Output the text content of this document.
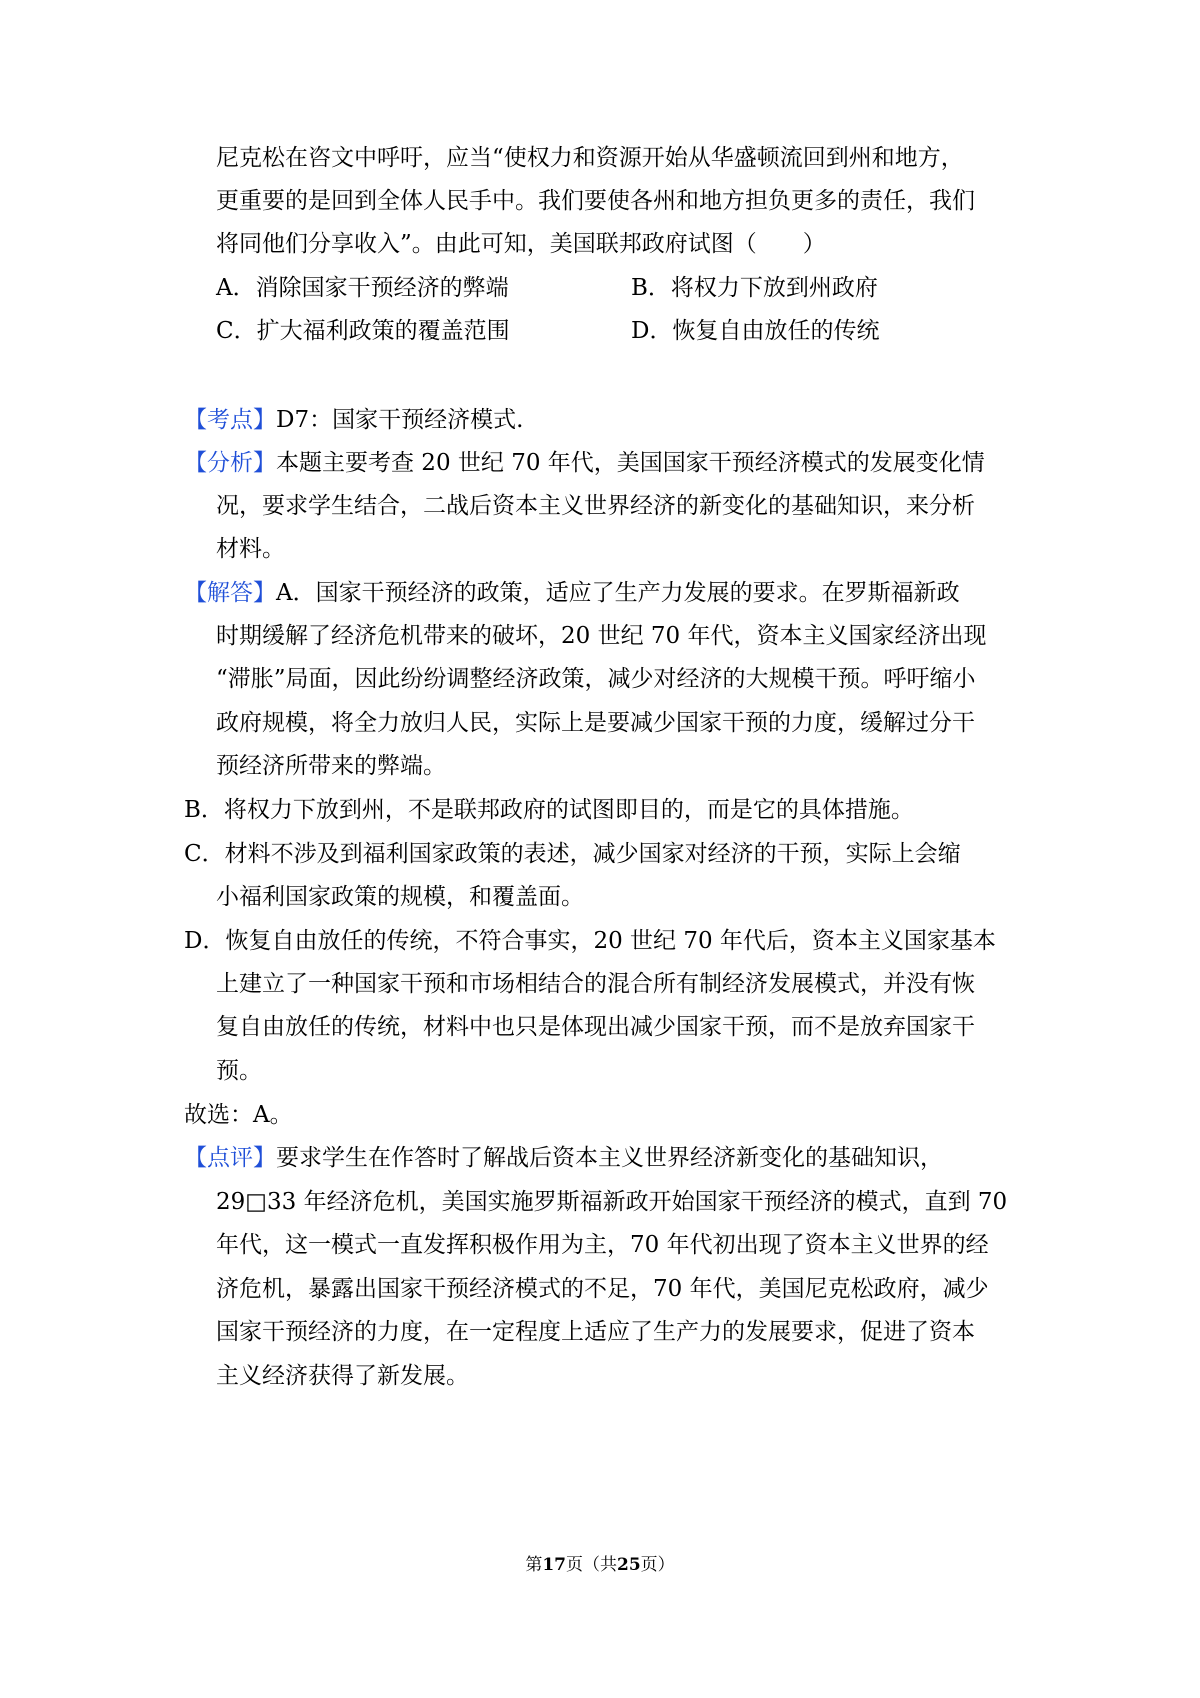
尼克松在咨文中呼吁，应当“使权力和资源开始从华盛顿流回到州和地方，
更重要的是回到全体人民手中。我们要使各州和地方担负更多的责任，我们
将同他们分享收入”。由此可知，美国联邦政府试图（　　）
A．消除国家干预经济的弊端	B．将权力下放到州政府
C．扩大福利政策的覆盖范围	D．恢复自由放任的传统
【考点】D7：国家干预经济模式.
【分析】本题主要考查 20 世纪 70 年代，美国国家干预经济模式的发展变化情
况，要求学生结合，二战后资本主义世界经济的新变化的基础知识，来分析
材料。
【解答】A．国家干预经济的政策，适应了生产力发展的要求。在罗斯福新政
时期缓解了经济危机带来的破坏，20 世纪 70 年代，资本主义国家经济出现
“滞胀”局面，因此纷纷调整经济政策，减少对经济的大规模干预。呼吁缩小
政府规模，将全力放归人民，实际上是要减少国家干预的力度，缓解过分干
预经济所带来的弊端。
B．将权力下放到州，不是联邦政府的试图即目的，而是它的具体措施。
C．材料不涉及到福利国家政策的表述，减少国家对经济的干预，实际上会缩
小福利国家政策的规模，和覆盖面。
D．恢复自由放任的传统，不符合事实，20 世纪 70 年代后，资本主义国家基本
上建立了一种国家干预和市场相结合的混合所有制经济发展模式，并没有恢
复自由放任的传统，材料中也只是体现出减少国家干预，而不是放弃国家干
预。
故选：A。
【点评】要求学生在作答时了解战后资本主义世界经济新变化的基础知识，
29□33 年经济危机，美国实施罗斯福新政开始国家干预经济的模式，直到 70
年代，这一模式一直发挥积极作用为主，70 年代初出现了资本主义世界的经
济危机，暴露出国家干预经济模式的不足，70 年代，美国尼克松政府，减少
国家干预经济的力度，在一定程度上适应了生产力的发展要求，促进了资本
主义经济获得了新发展。
第17页（共25页）
